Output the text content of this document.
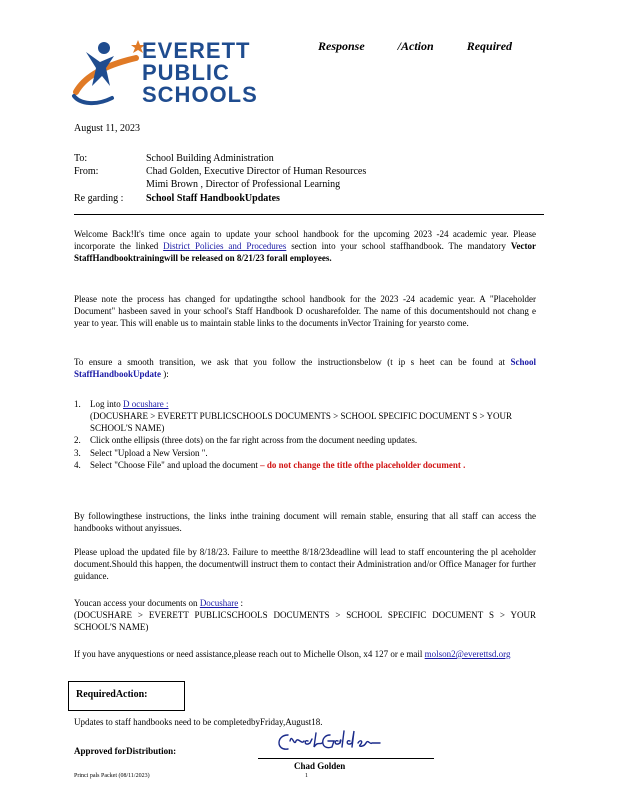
EVERETT
PUBLIC
SCHOOLS
Response	/Action	Required
August 11, 2023
To:	School Building Administration
From:	Chad Golden, Executive Director of Human Resources
Mimi Brown , Director of Professional Learning
Re garding : School Staff HandbookUpdates
Welcome Back!It's time once again to update your school handbook for the upcoming 2023 -24 academic year. Please incorporate the linked District Policies and Procedures section into your school staffhandbook. The mandatory Vector StaffHandbooktrainingwill be released on 8/21/23 forall employees.
Please note the process has changed for updatingthe school handbook for the 2023 -24 academic year. A "Placeholder Document" hasbeen saved in your school's Staff Handbook D ocusharefolder. The name of this documentshould not chang e year to year. This will enable us to maintain stable links to the documents inVector Training for yearsto come.
To ensure a smooth transition, we ask that you follow the instructionsbelow (t ip s heet can be found at School StaffHandbookUpdate ):
1. Log into D ocushare :
(DOCUSHARE > EVERETT PUBLICSCHOOLS DOCUMENTS > SCHOOL SPECIFIC DOCUMENT S > YOUR SCHOOL'S NAME)
2. Click onthe ellipsis (three dots) on the far right across from the document needing updates.
3. Select "Upload a New Version ".
4. Select "Choose File" and upload the document – do not change the title ofthe placeholder document .
By followingthese instructions, the links inthe training document will remain stable, ensuring that all staff can access the handbooks without anyissues.
Please upload the updated file by 8/18/23. Failure to meetthe 8/18/23deadline will lead to staff encountering the pl aceholder document.Should this happen, the documentwill instruct them to contact their Administration and/or Office Manager for further guidance.
Youcan access your documents on Docushare :
(DOCUSHARE > EVERETT PUBLICSCHOOLS DOCUMENTS > SCHOOL SPECIFIC DOCUMENT S > YOUR SCHOOL'S NAME)
If you have anyquestions or need assistance,please reach out to Michelle Olson, x4 127 or e mail molson2@everettsd.org
RequiredAction:
Updates to staff handbooks need to be completedbyFriday,August18.
Approved forDistribution:
Chad Golden
Princi pals Packet (08/11/2023)	1
